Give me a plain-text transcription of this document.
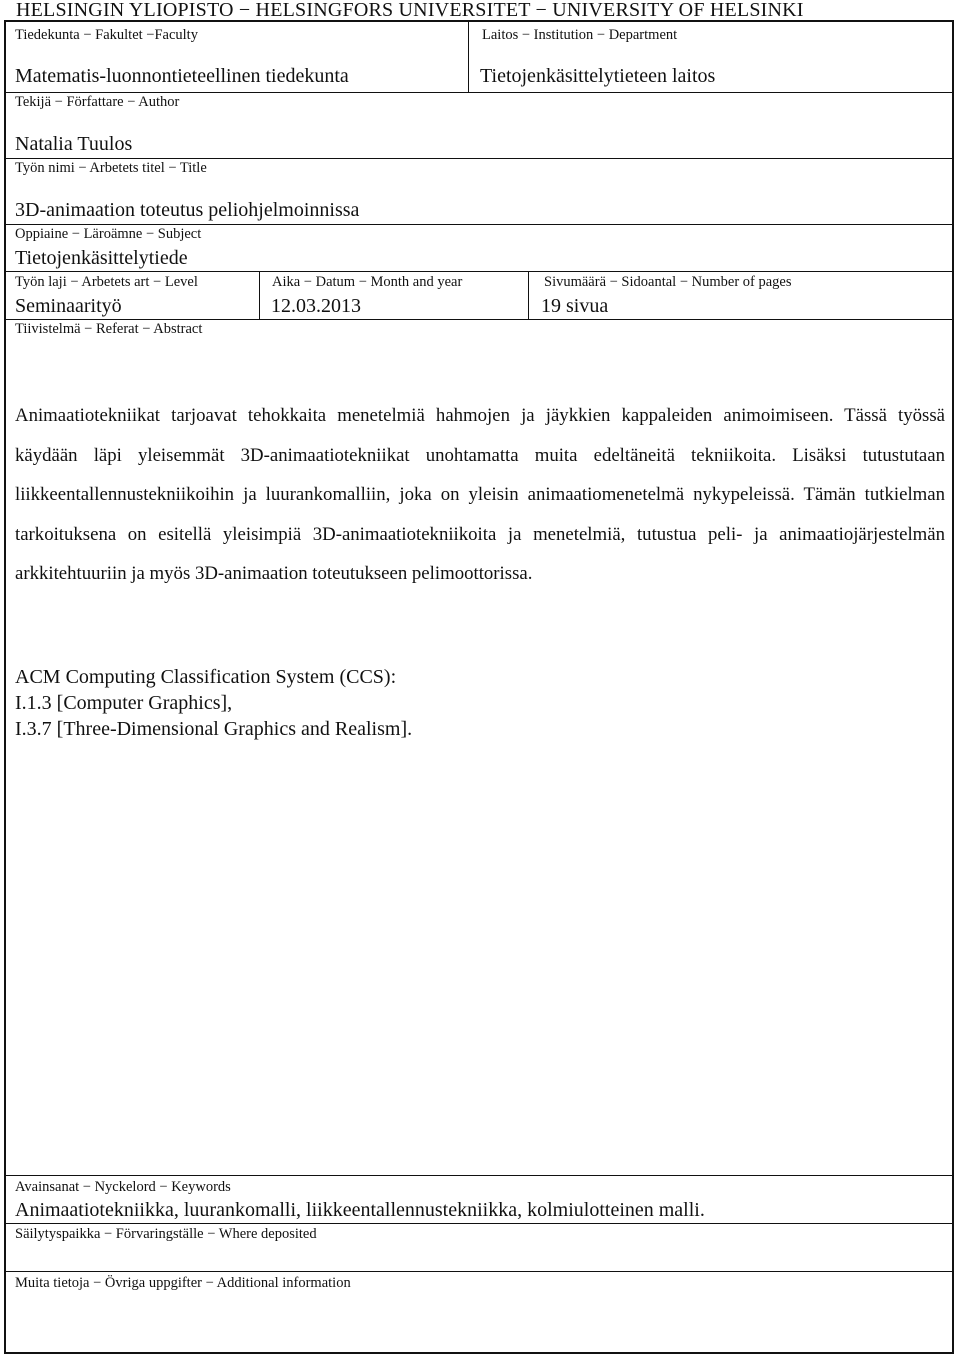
HELSINGIN YLIOPISTO − HELSINGFORS UNIVERSITET − UNIVERSITY OF HELSINKI
Tiedekunta − Fakultet −Faculty
Matematis-luonnontieteellinen tiedekunta
Laitos − Institution − Department
Tietojenkäsittelytieteen laitos
Tekijä − Författare − Author
Natalia Tuulos
Työn nimi − Arbetets titel − Title
3D-animaation toteutus peliohjelmoinnissa
Oppiaine − Läroämne − Subject
Tietojenkäsittelytiede
Työn laji − Arbetets art − Level
Seminaarityö
Aika − Datum − Month and year
12.03.2013
Sivumäärä − Sidoantal − Number of pages
19 sivua
Tiivistelmä − Referat − Abstract

Animaatiotekniikat tarjoavat tehokkaita menetelmiä hahmojen ja jäykkien kappaleiden animoimiseen. Tässä työssä käydään läpi yleisemmät 3D-animaatiotekniikat unohtamatta muita edeltäneitä tekniikoita. Lisäksi tutustutaan liikkeentallennustekniikoihin ja luurankomalliin, joka on yleisin animaatiomenetelmä nykypeleissä. Tämän tutkielman tarkoituksena on esitellä yleisimpiä 3D-animaatiotekniikoita ja menetelmiä, tutustua peli- ja animaatiojärjestelmän arkkitehtuuriin ja myös 3D-animaation toteutukseen pelimoottorissa.

ACM Computing Classification System (CCS):
I.1.3 [Computer Graphics],
I.3.7 [Three-Dimensional Graphics and Realism].
Avainsanat − Nyckelord − Keywords
Animaatiotekniikka, luurankomalli, liikkeentallennustekniikka, kolmiulotteinen malli.
Säilytyspaikka − Förvaringställe − Where deposited
Muita tietoja − Övriga uppgifter − Additional information
